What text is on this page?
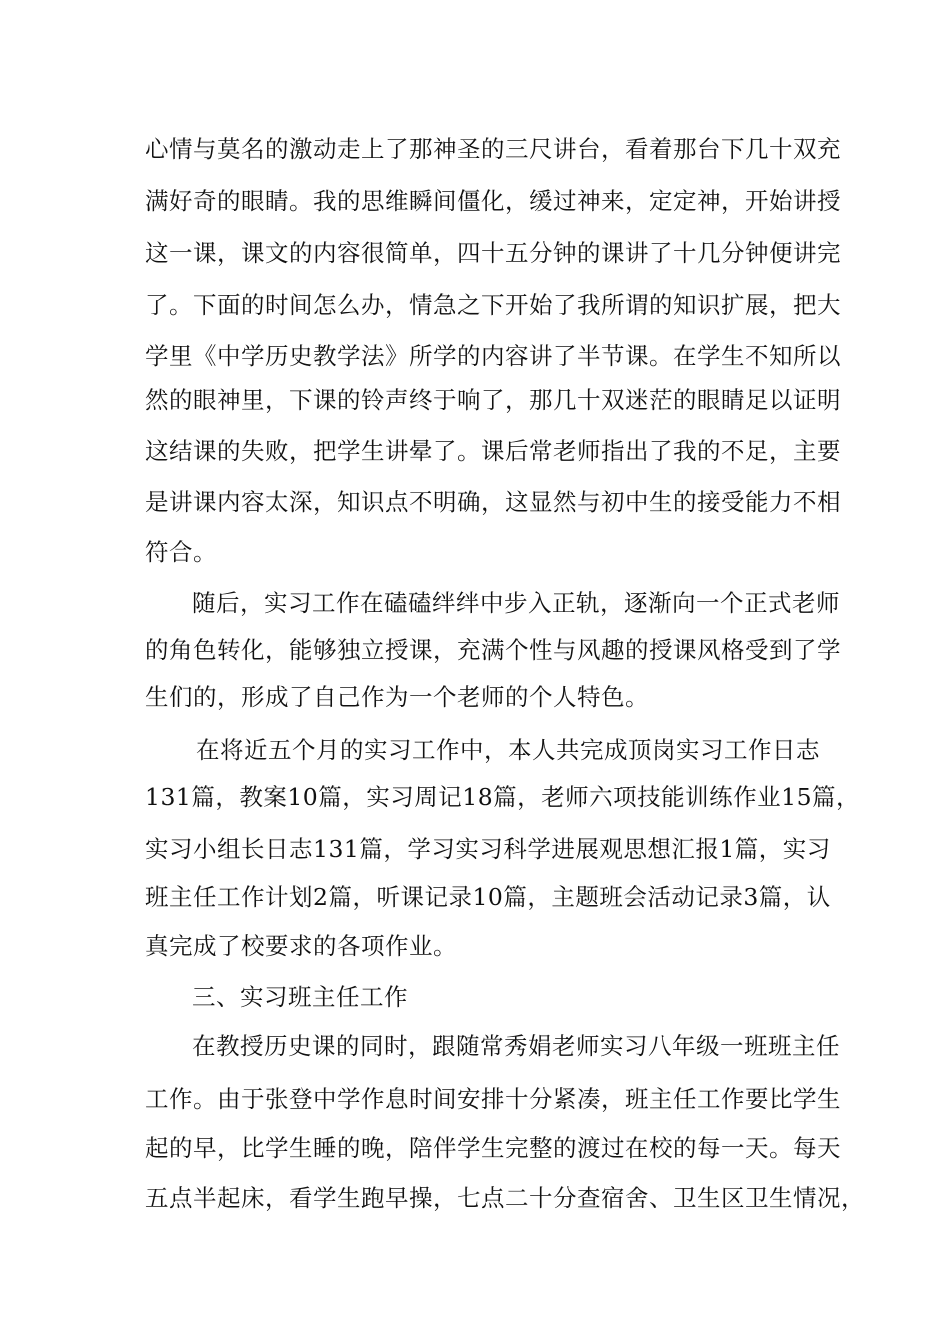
心情与莫名的激动走上了那神圣的三尺讲台，看着那台下几十双充
满好奇的眼睛。我的思维瞬间僵化，缓过神来，定定神，开始讲授
这一课，课文的内容很简单，四十五分钟的课讲了十几分钟便讲完
了。下面的时间怎么办，情急之下开始了我所谓的知识扩展，把大
学里《中学历史教学法》所学的内容讲了半节课。在学生不知所以
然的眼神里，下课的铃声终于响了，那几十双迷茫的眼睛足以证明
这结课的失败，把学生讲晕了。课后常老师指出了我的不足，主要
是讲课内容太深，知识点不明确，这显然与初中生的接受能力不相
符合。
随后，实习工作在磕磕绊绊中步入正轨，逐渐向一个正式老师
的角色转化，能够独立授课，充满个性与风趣的授课风格受到了学
生们的，形成了自己作为一个老师的个人特色。
在将近五个月的实习工作中，本人共完成顶岗实习工作日志
131篇，教案10篇，实习周记18篇，老师六项技能训练作业15篇，
实习小组长日志131篇，学习实习科学进展观思想汇报1篇，实习
班主任工作计划2篇，听课记录10篇，主题班会活动记录3篇，认
真完成了校要求的各项作业。
三、实习班主任工作
在教授历史课的同时，跟随常秀娟老师实习八年级一班班主任
工作。由于张登中学作息时间安排十分紧凑，班主任工作要比学生
起的早，比学生睡的晚，陪伴学生完整的渡过在校的每一天。每天
五点半起床，看学生跑早操，七点二十分查宿舍、卫生区卫生情况，
